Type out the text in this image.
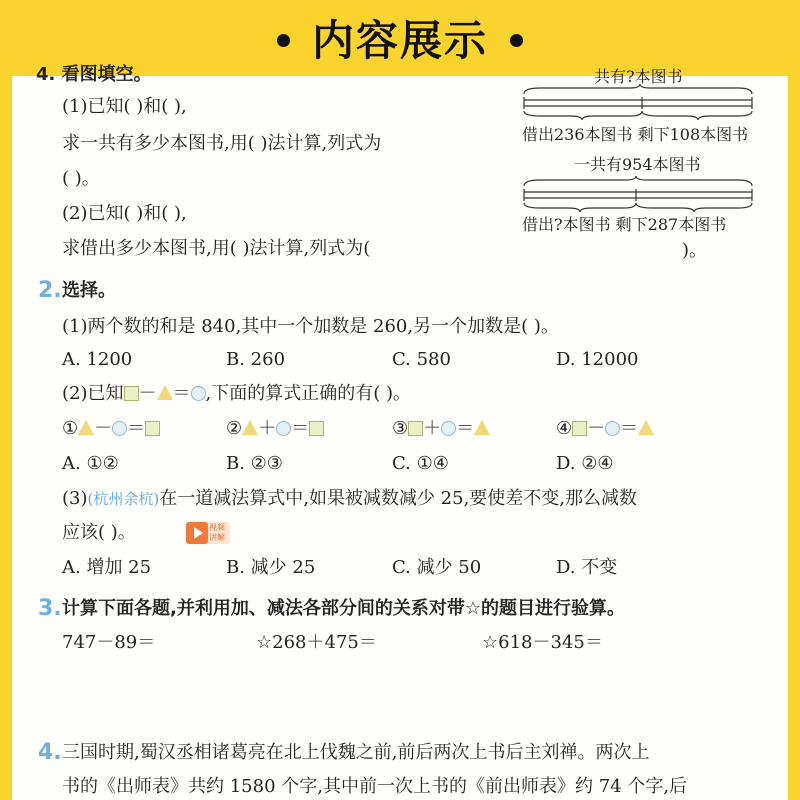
内容展示
4. 看图填空。
(1)已知( )和( ),
求一共有多少本图书,用( )法计算,列式为
( )。
(2)已知( )和( ),
求借出多少本图书,用( )法计算,列式为(	)。
共有?本图书
借出236本图书 剩下108本图书
一共有954本图书
借出?本图书 剩下287本图书
2. 选择。
(1)两个数的和是 840,其中一个加数是 260,另一个加数是( )。
A. 1200	B. 260	C. 580	D. 12000
(2)已知 － ＝ ,下面的算式正确的有( )。
① － ＝	② ＋ ＝	③ ＋ ＝	④ － ＝
A. ①②	B. ②③	C. ①④	D. ②④
(3)(杭州余杭)在一道减法算式中,如果被减数减少 25,要使差不变,那么减数
应该( )。	视频
讲解
A. 增加 25	B. 减少 25	C. 减少 50	D. 不变
3. 计算下面各题,并利用加、减法各部分间的关系对带☆的题目进行验算。
747－89＝	☆268＋475＝	☆618－345＝
4. 三国时期,蜀汉丞相诸葛亮在北上伐魏之前,前后两次上书后主刘禅。两次上
书的《出师表》共约 1580 个字,其中前一次上书的《前出师表》约 74 个字,后
